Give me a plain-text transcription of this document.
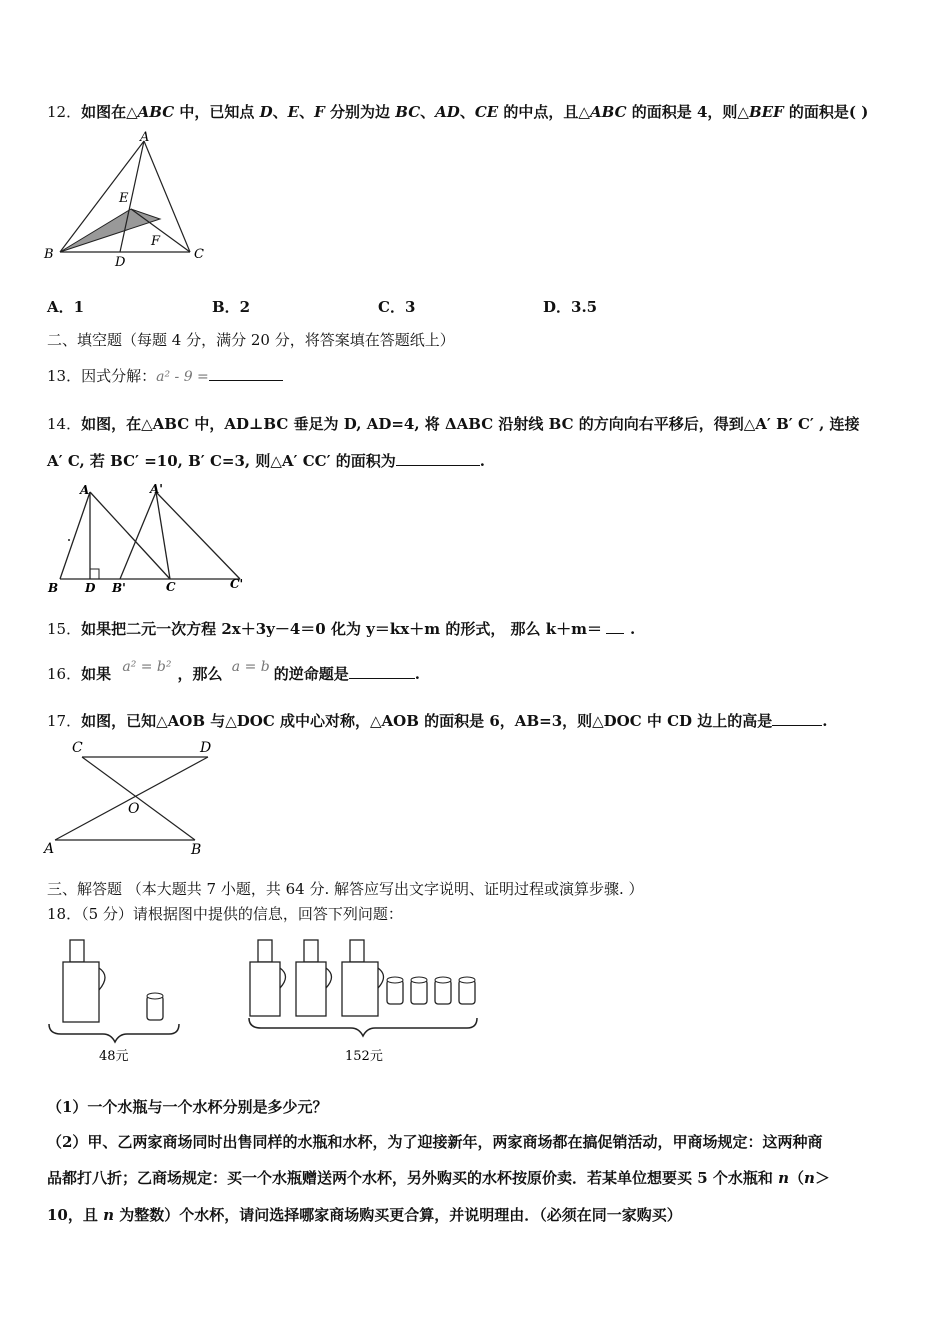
12．如图在△ABC 中，已知点 D、E、F 分别为边 BC、AD、CE 的中点，且△ABC 的面积是 4，则△BEF 的面积是( )
A
B	C
D
E
F
A．1	B．2	C．3	D．3.5
二、填空题（每题 4 分，满分 20 分，将答案填在答题纸上）
13．因式分解：a² - 9 =
14．如图，在△ABC 中，AD⊥BC 垂足为 D, AD=4, 将 ΔABC 沿射线 BC 的方向向右平移后，得到△A′ B′ C′ , 连接
A′ C, 若 BC′ =10, B′ C=3, 则△A′ CC′ 的面积为	.
A	A'
B D B'	C	C'
15．如果把二元一次方程 2x＋3y－4＝0 化为 y＝kx＋m 的形式， 那么 k＋m＝ .
16．如果 a² = b² ，那么 a = b 的逆命题是	.
17．如图，已知△AOB 与△DOC 成中心对称，△AOB 的面积是 6，AB=3，则△DOC 中 CD 边上的高是	.
C	D
O
A	B
三、解答题 （本大题共 7 小题，共 64 分. 解答应写出文字说明、证明过程或演算步骤. ）
18．（5 分）请根据图中提供的信息，回答下列问题：
48元	152元
（1）一个水瓶与一个水杯分别是多少元？
（2）甲、乙两家商场同时出售同样的水瓶和水杯，为了迎接新年，两家商场都在搞促销活动，甲商场规定：这两种商
品都打八折；乙商场规定：买一个水瓶赠送两个水杯，另外购买的水杯按原价卖．若某单位想要买 5 个水瓶和 n（n＞
10，且 n 为整数）个水杯，请问选择哪家商场购买更合算，并说明理由．（必须在同一家购买）
